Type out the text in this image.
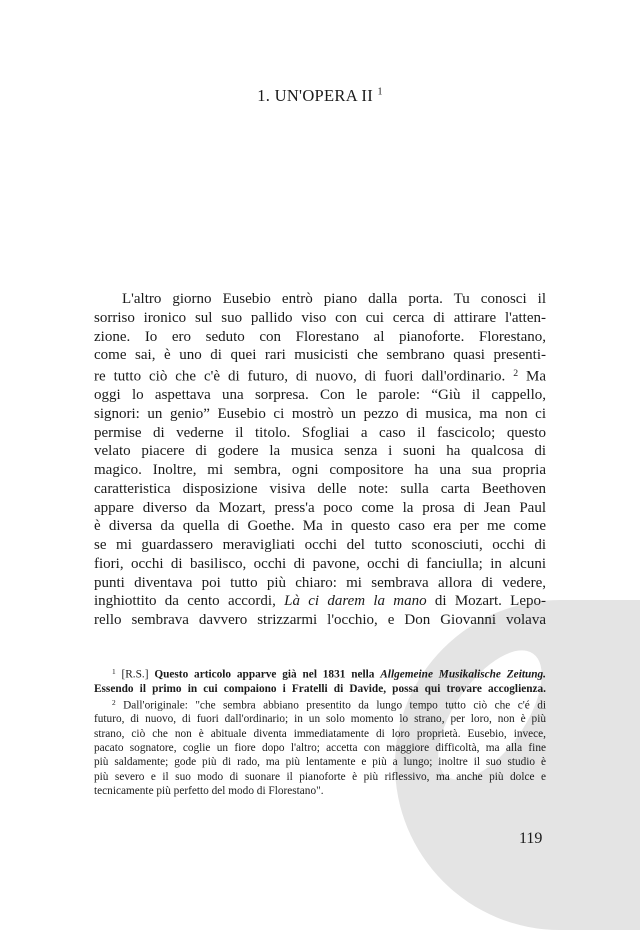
1. UN'OPERA II $^1$
L'altro giorno Eusebio entrò piano dalla porta. Tu conosci il
sorriso ironico sul suo pallido viso con cui cerca di attirare l'atten-
zione. Io ero seduto con Florestano al pianoforte. Florestano,
come sai, è uno di quei rari musicisti che sembrano quasi presenti-
re tutto ciò che c'è di futuro, di nuovo, di fuori dall'ordinario. $^2$ Ma
oggi lo aspettava una sorpresa. Con le parole: “Giù il cappello,
signori: un genio” Eusebio ci mostrò un pezzo di musica, ma non ci
permise di vederne il titolo. Sfogliai a caso il fascicolo; questo
velato piacere di godere la musica senza i suoni ha qualcosa di
magico. Inoltre, mi sembra, ogni compositore ha una sua propria
caratteristica disposizione visiva delle note: sulla carta Beethoven
appare diverso da Mozart, press'a poco come la prosa di Jean Paul
è diversa da quella di Goethe. Ma in questo caso era per me come
se mi guardassero meravigliati occhi del tutto sconosciuti, occhi di
fiori, occhi di basilisco, occhi di pavone, occhi di fanciulla; in alcuni
punti diventava poi tutto più chiaro: mi sembrava allora di vedere,
inghiottito da cento accordi, Là ci darem la mano di Mozart. Lepo-
rello sembrava davvero strizzarmi l'occhio, e Don Giovanni volava
$^1$ [R.S.] Questo articolo apparve già nel 1831 nella Allgemeine Musikalische Zeitung.
Essendo il primo in cui compaiono i Fratelli di Davide, possa qui trovare accoglienza.
$^2$ Dall'originale: "che sembra abbiano presentito da lungo tempo tutto ciò che c'é di
futuro, di nuovo, di fuori dall'ordinario; in un solo momento lo strano, per loro, non è più
strano, ciò che non è abituale diventa immediatamente di loro proprietà. Eusebio, invece,
pacato sognatore, coglie un fiore dopo l'altro; accetta con maggiore difficoltà, ma alla fine
più saldamente; gode più di rado, ma più lentamente e più a lungo; inoltre il suo studio è
più severo e il suo modo di suonare il pianoforte è più riflessivo, ma anche più dolce e
tecnicamente più perfetto del modo di Florestano".
119
